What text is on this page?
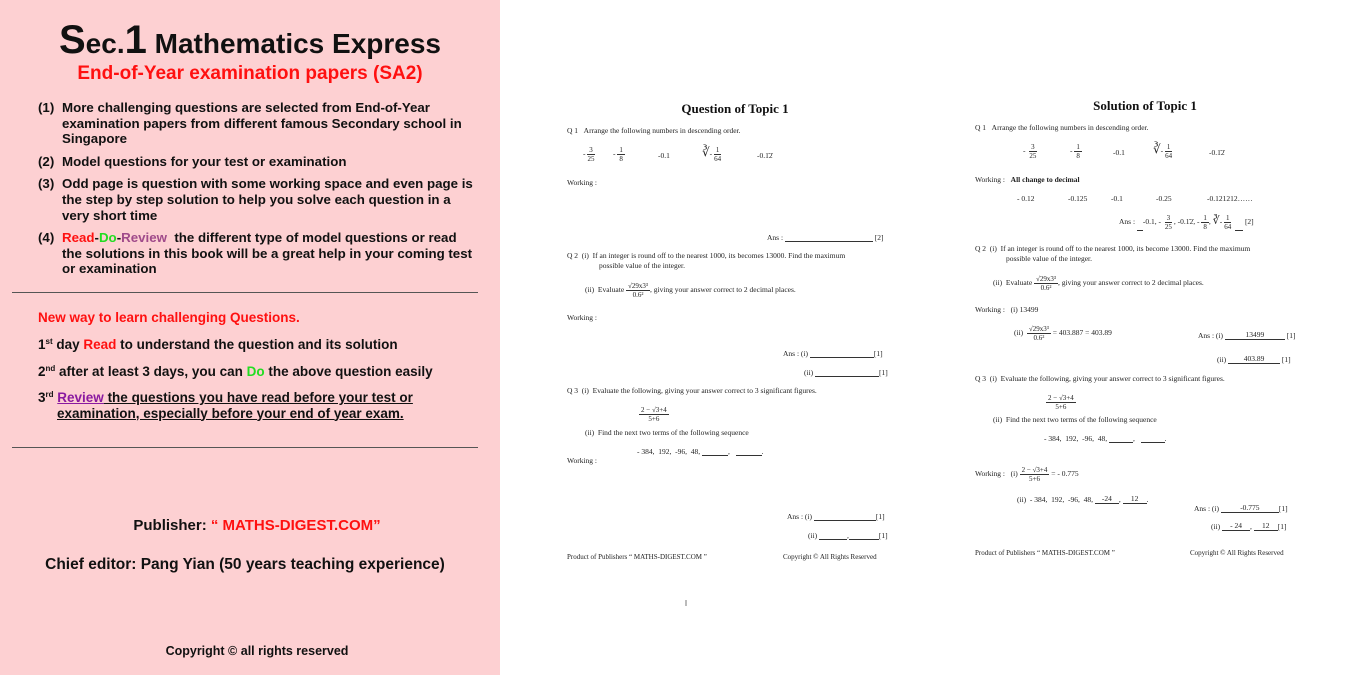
Sec.1 Mathematics Express
End-of-Year examination papers (SA2)
(1) More challenging questions are selected from End-of-Year examination papers from different famous Secondary school in Singapore
(2) Model questions for your test or examination
(3) Odd page is question with some working space and even page is the step by step solution to help you solve each question in a very short time
(4) Read-Do-Review  the different type of model questions or read the solutions in this book will be a great help in your coming test or examination
New way to learn challenging Questions.
1st day Read to understand the question and its solution
2nd after at least 3 days, you can Do the above question easily
3rd Review the questions you have read before your test or
examination, especially before your end of year exam.
Publisher: “ MATHS-DIGEST.COM”
Chief editor: Pang Yian (50 years teaching experience)
Copyright © all rights reserved
Question of Topic 1
Q 1 Arrange the following numbers in descending order.
- $\frac{3}{25} - \frac{1}{8}$	-0.1	∛- $\frac{1}{64}$	-0.1̇2̇
Working :
Ans :	[2]
Q 2 (i) If an integer is round off to the nearest 1000, its becomes 13000. Find the maximum
possible value of the integer.
(ii) Evaluate $\frac{\text{√29x3³}}{\text{0.6²}}$ , giving your answer correct to 2 decimal places.
Working :
Ans : (i)	[1]
(ii)	[1]
Q 3 (i) Evaluate the following, giving your answer correct to 3 significant figures.
$\frac{2 - √3+4}{5+6}$
(ii) Find the next two terms of the following sequence
- 384,  192,  -96,  48,	,	.
Working :
Ans : (i)	[1]
(ii)	,	[1]
Product of Publishers “ MATHS-DIGEST.COM ”	Copyright © All Rights Reserved
Solution of Topic 1
Q 1 Arrange the following numbers in descending order.
- $\frac{3}{25}$	- $\frac{1}{8}$	-0.1 ∛- $\frac{1}{64}$	-0.1̇2̇
Working : All change to decimal
- 0.12	-0.125	-0.1	-0.25	-0.121212……
Ans : -0.1, - $\frac{3}{25}$ , -0.1̇2̇, - $\frac{1}{8}$ , ∛- $\frac{1}{64} [2]$
Q 2 (i) If an integer is round off to the nearest 1000, its become 13000. Find the maximum
possible value of the integer.
(ii) Evaluate $\frac{\text{√29x3³}}{\text{0.6²}}$ , giving your answer correct to 2 decimal places.
Working : (i) 13499
$(ii) \frac{\text{√29x3³}}{\text{0.6²}} = 403.887 = 403.89$	Ans : (i)	13499	[1]
(ii) 403.89 [1]
Q 3 (i) Evaluate the following, giving your answer correct to 3 significant figures.
$\frac{2 - √3+4}{5+6}$
(ii) Find the next two terms of the following sequence
- 384,  192,  -96,  48,	,	.
Working : $(i) \frac{2 - √3+4}{5+6}$ = - 0.775
(ii) - 384,  192,  -96,  48, -24 , 12 .
Ans : (i)	-0.775	[1]
(ii) - 24 , 12 [1]
Product of Publishers “ MATHS-DIGEST.COM ”	Copyright © All Rights Reserved
